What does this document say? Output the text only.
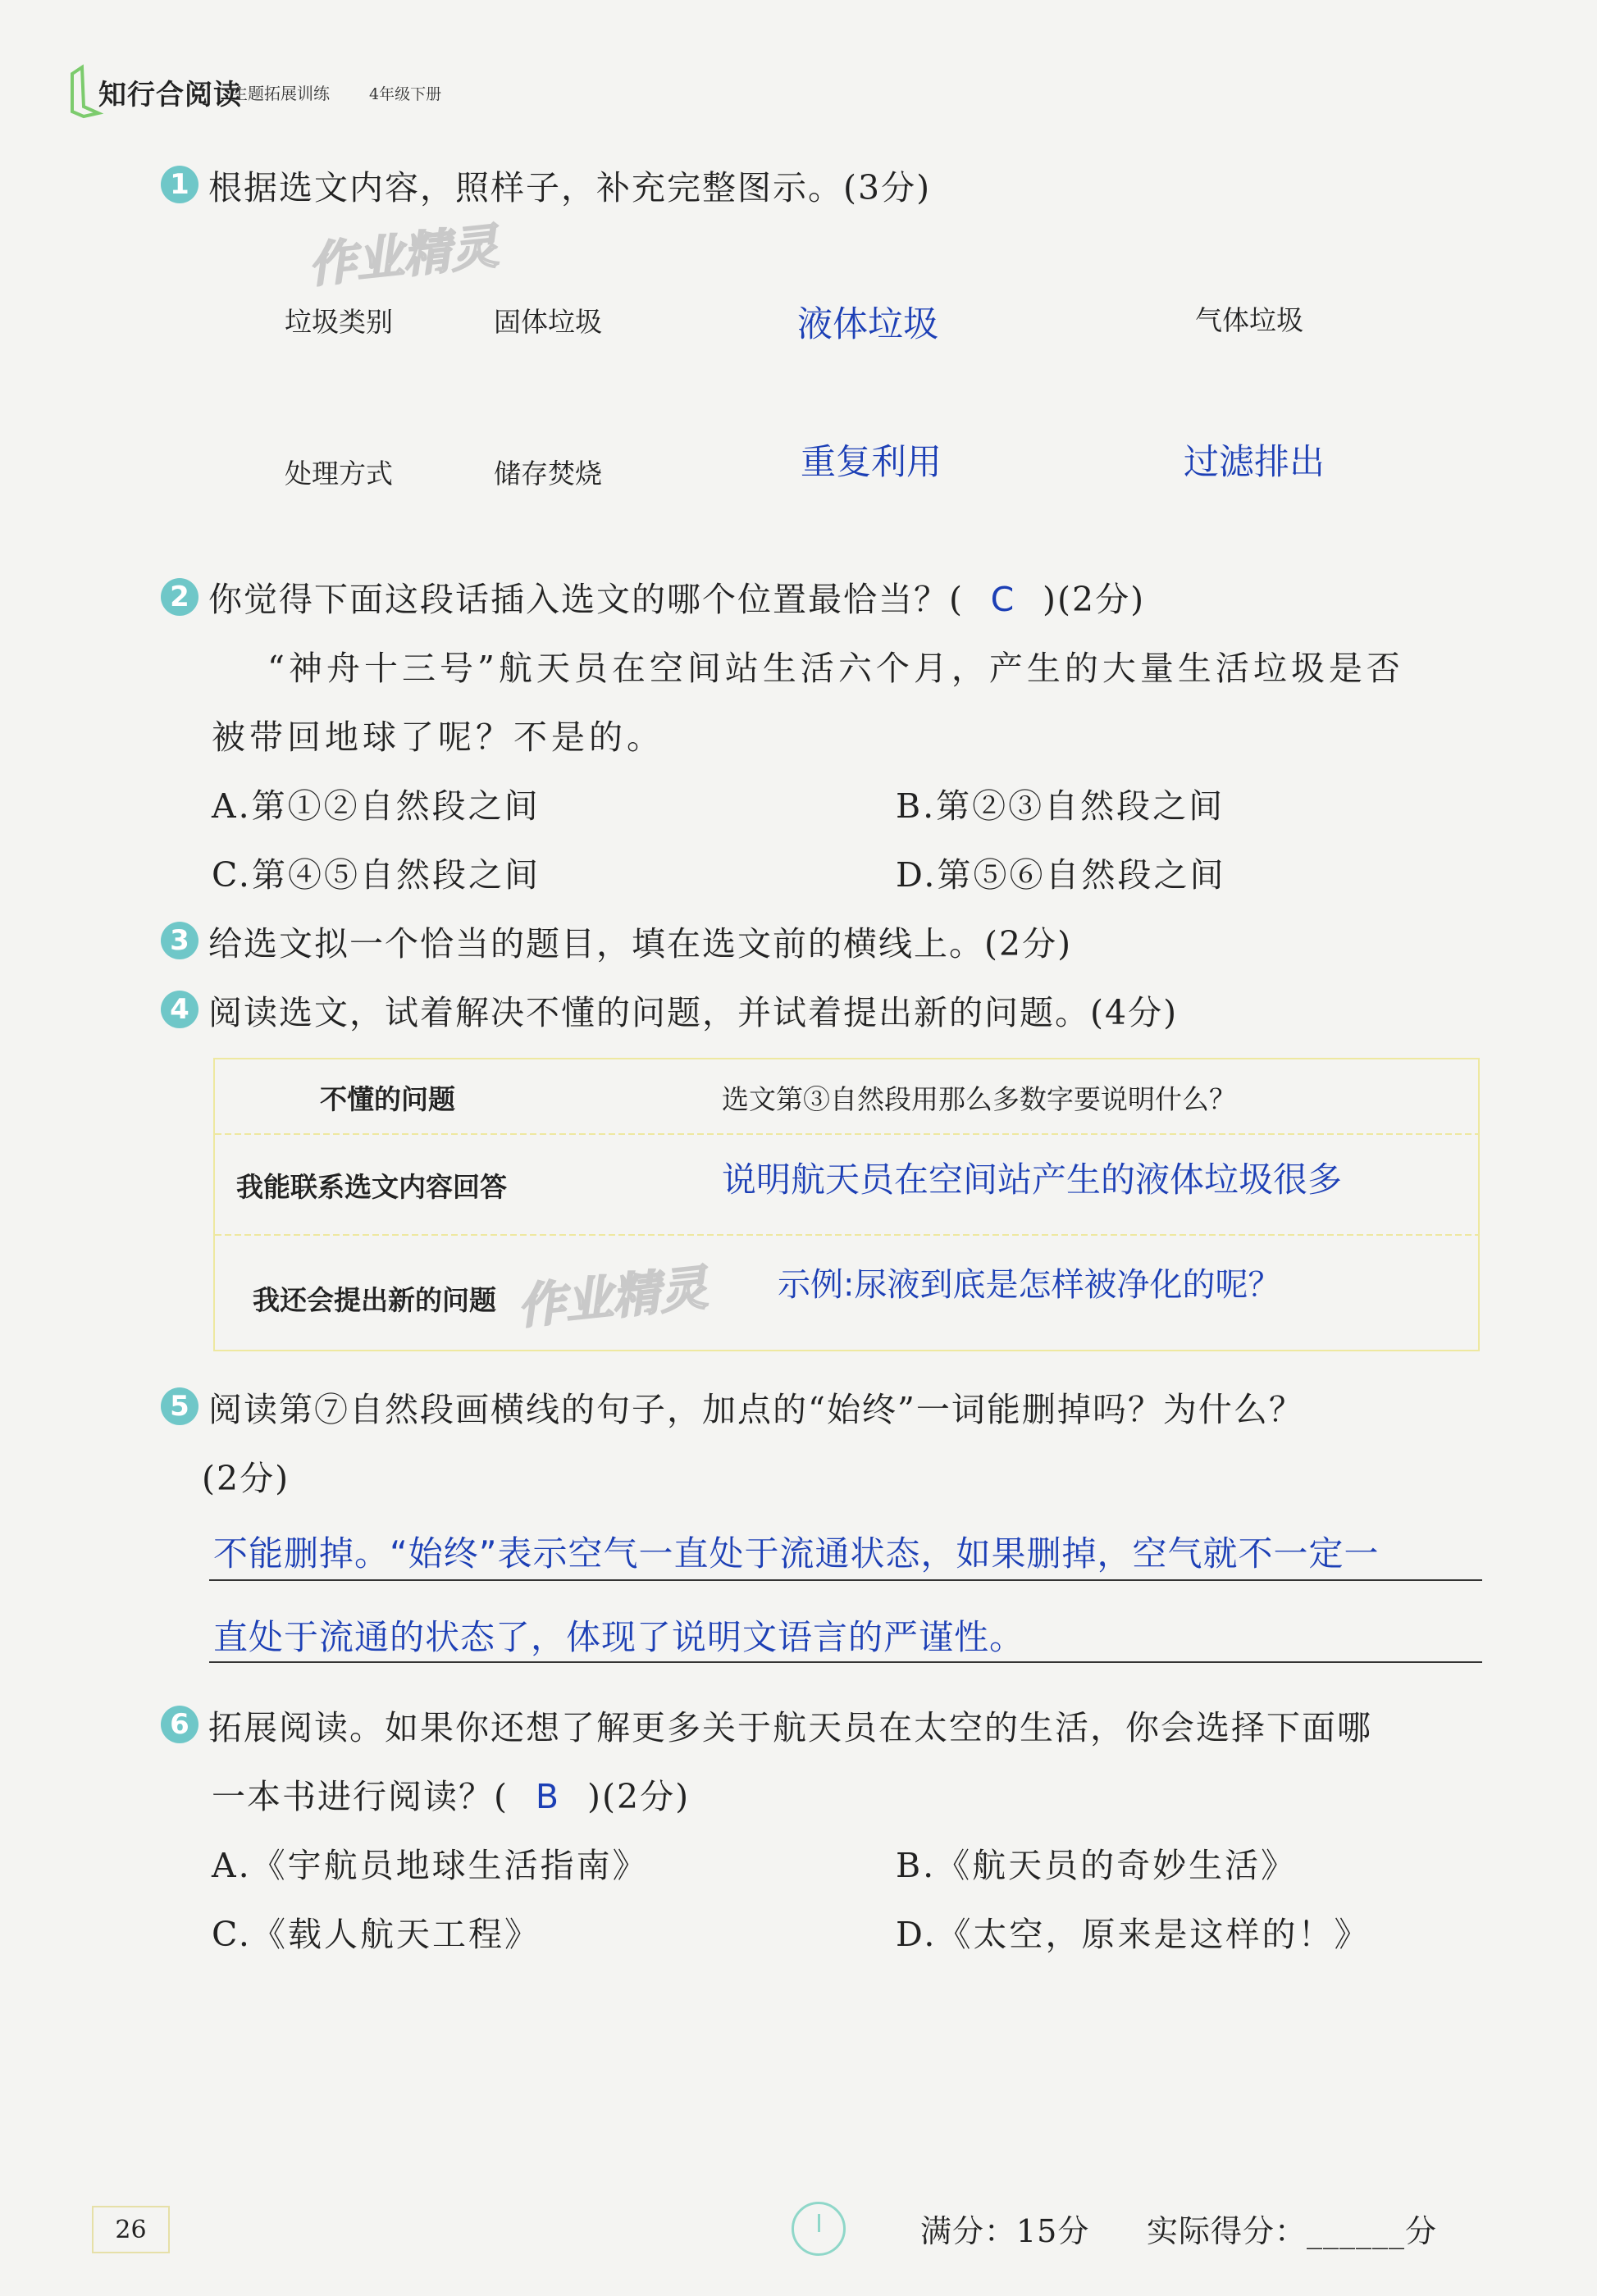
知行合阅读
主题拓展训练	4年级下册
作业精灵
作业精灵
1 根据选文内容，照样子，补充完整图示。(3分)
垃圾类别	固体垃圾	液体垃圾	气体垃圾
处理方式	储存焚烧	重复利用	过滤排出
2 你觉得下面这段话插入选文的哪个位置最恰当？( C )(2分)
“神舟十三号”航天员在空间站生活六个月，产生的大量生活垃圾是否
被带回地球了呢？不是的。
A.第①②自然段之间	B.第②③自然段之间
C.第④⑤自然段之间	D.第⑤⑥自然段之间
3 给选文拟一个恰当的题目，填在选文前的横线上。(2分)
4 阅读选文，试着解决不懂的问题，并试着提出新的问题。(4分)
不懂的问题	选文第③自然段用那么多数字要说明什么？
我能联系选文内容回答	说明航天员在空间站产生的液体垃圾很多
我还会提出新的问题	示例:尿液到底是怎样被净化的呢？
5 阅读第⑦自然段画横线的句子，加点的“始终”一词能删掉吗？为什么？
(2分)
不能删掉。“始终”表示空气一直处于流通状态，如果删掉，空气就不一定一
直处于流通的状态了，体现了说明文语言的严谨性。
6 拓展阅读。如果你还想了解更多关于航天员在太空的生活，你会选择下面哪
一本书进行阅读？( B )(2分)
A.《宇航员地球生活指南》	B.《航天员的奇妙生活》
C.《载人航天工程》	D.《太空，原来是这样的！》
26	满分：15分 实际得分：______分
